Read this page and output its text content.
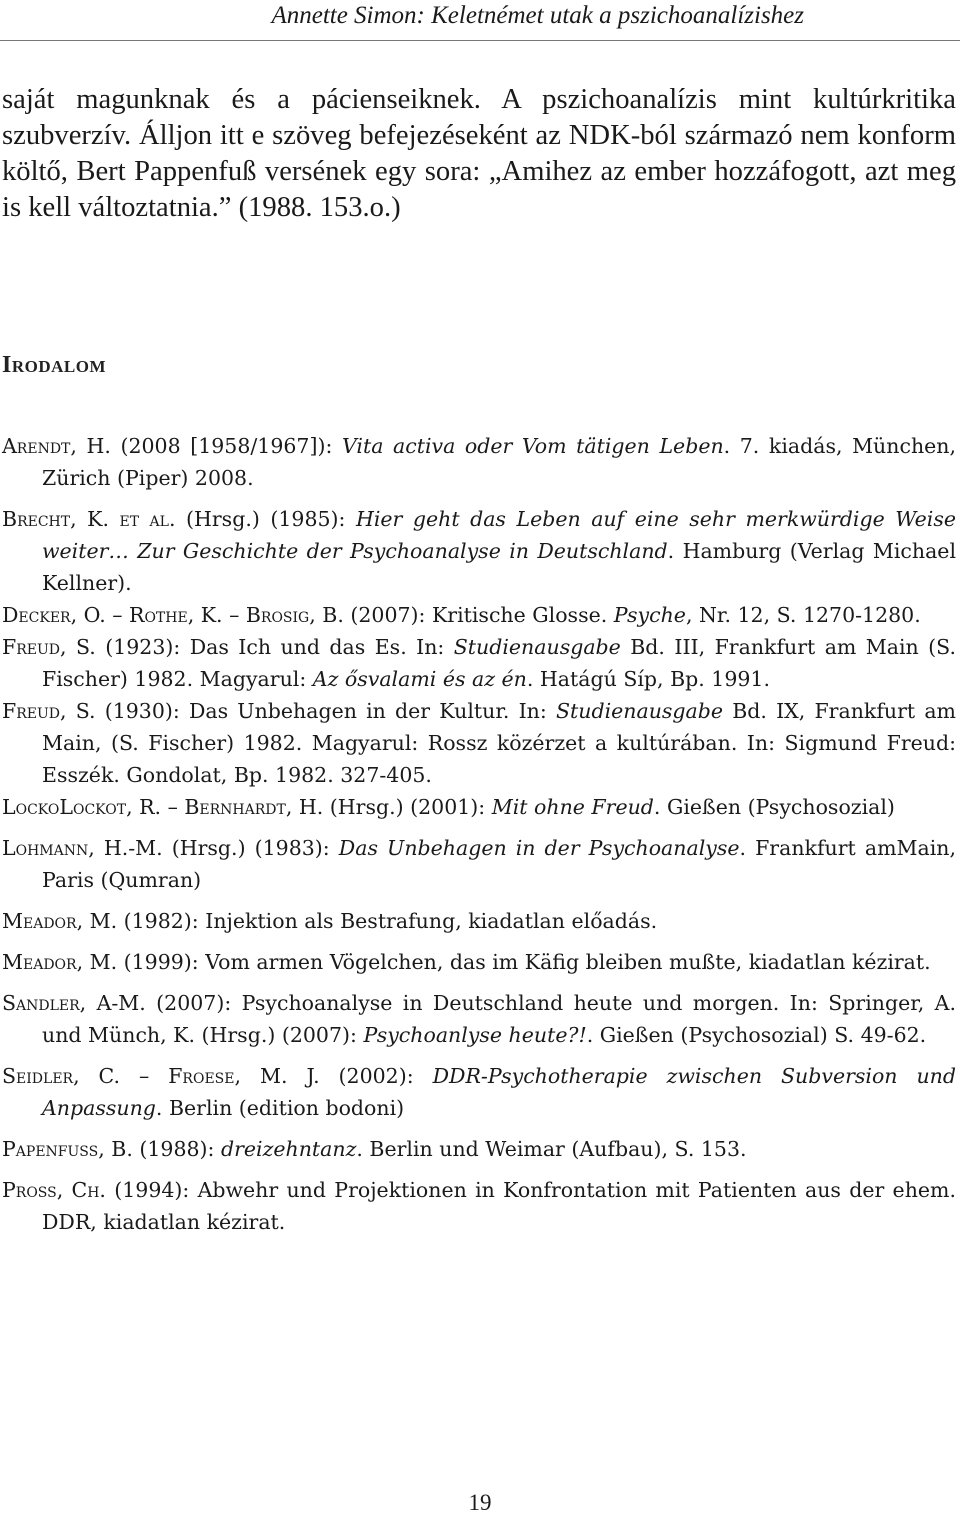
Annette Simon: Keletnémet utak a pszichoanalízishez

saját magunknak és a pácienseiknek. A pszichoanalízis mint kultúrkritika szubverzív. Álljon itt e szöveg befejezéseként az NDK-ból származó nem konform költő, Bert Pappenfuß versének egy sora: „Amihez az ember hozzáfogott, azt meg is kell változtatnia.” (1988. 153.o.)

Irodalom

Arendt, H. (2008 [1958/1967]): Vita activa oder Vom tätigen Leben. 7. kiadás, München, Zürich (Piper) 2008.

Brecht, K. et al. (Hrsg.) (1985): Hier geht das Leben auf eine sehr merkwürdige Weise weiter… Zur Geschichte der Psychoanalyse in Deutschland. Hamburg (Verlag Michael Kellner).

Decker, O. – Rothe, K. – Brosig, B. (2007): Kritische Glosse. Psyche, Nr. 12, S. 1270-1280.

Freud, S. (1923): Das Ich und das Es. In: Studienausgabe Bd. III, Frankfurt am Main (S. Fischer) 1982. Magyarul: Az ősvalami és az én. Hatágú Síp, Bp. 1991.

Freud, S. (1930): Das Unbehagen in der Kultur. In: Studienausgabe Bd. IX, Frankfurt am Main, (S. Fischer) 1982. Magyarul: Rossz közérzet a kultúrában. In: Sigmund Freud: Esszék. Gondolat, Bp. 1982. 327-405.

LockoLockot, R. – Bernhardt, H. (Hrsg.) (2001): Mit ohne Freud. Gießen (Psychosozial)

Lohmann, H.-M. (Hrsg.) (1983): Das Unbehagen in der Psychoanalyse. Frankfurt amMain, Paris (Qumran)

Meador, M. (1982): Injektion als Bestrafung, kiadatlan előadás.

Meador, M. (1999): Vom armen Vögelchen, das im Käfig bleiben mußte, kiadatlan kézirat.

Sandler, A-M. (2007): Psychoanalyse in Deutschland heute und morgen. In: Springer, A. und Münch, K. (Hrsg.) (2007): Psychoanlyse heute?!. Gießen (Psychosozial) S. 49-62.

Seidler, C. – Froese, M. J. (2002): DDR-Psychotherapie zwischen Subversion und Anpassung. Berlin (edition bodoni)

Papenfuß, B. (1988): dreizehntanz. Berlin und Weimar (Aufbau), S. 153.

Pross, Ch. (1994): Abwehr und Projektionen in Konfrontation mit Patienten aus der ehem. DDR, kiadatlan kézirat.

19
